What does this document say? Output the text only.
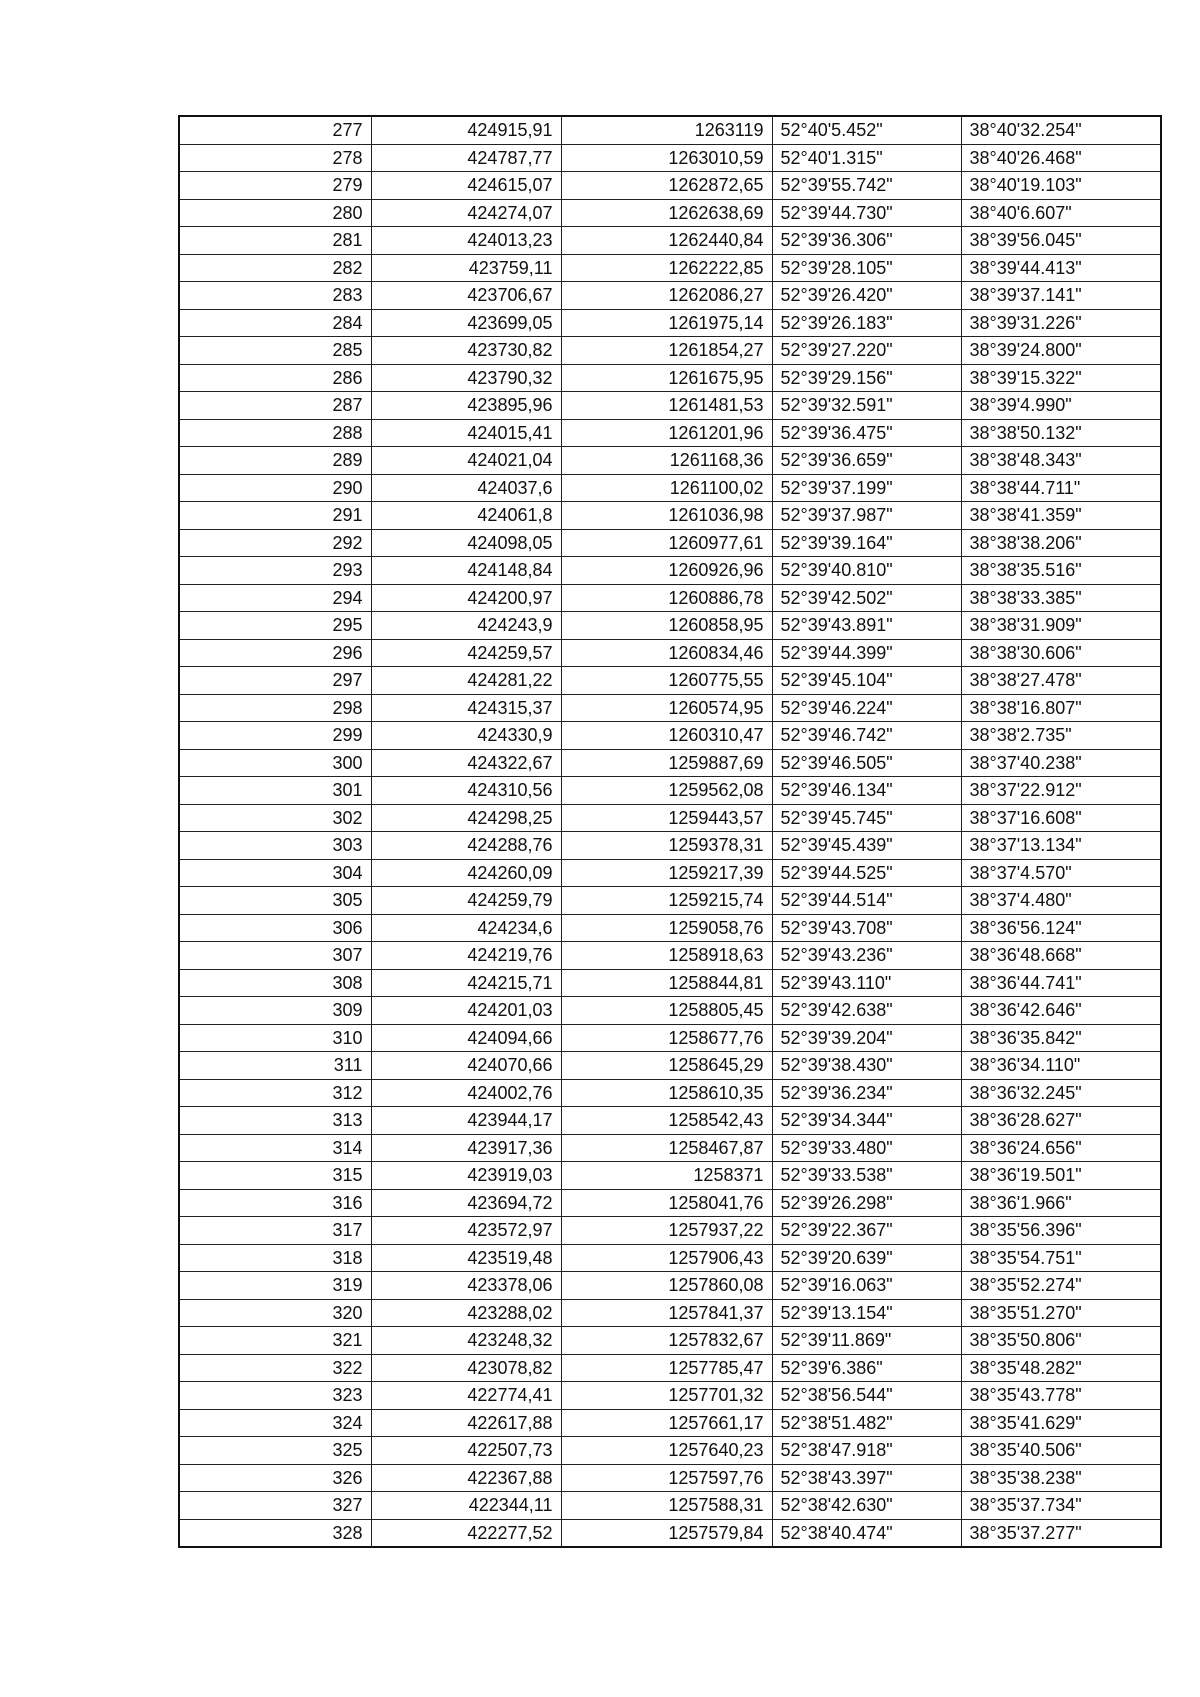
277	424915,91	1263119	52°40'5.452"	38°40'32.254"
278	424787,77	1263010,59	52°40'1.315"	38°40'26.468"
279	424615,07	1262872,65	52°39'55.742"	38°40'19.103"
280	424274,07	1262638,69	52°39'44.730"	38°40'6.607"
281	424013,23	1262440,84	52°39'36.306"	38°39'56.045"
282	423759,11	1262222,85	52°39'28.105"	38°39'44.413"
283	423706,67	1262086,27	52°39'26.420"	38°39'37.141"
284	423699,05	1261975,14	52°39'26.183"	38°39'31.226"
285	423730,82	1261854,27	52°39'27.220"	38°39'24.800"
286	423790,32	1261675,95	52°39'29.156"	38°39'15.322"
287	423895,96	1261481,53	52°39'32.591"	38°39'4.990"
288	424015,41	1261201,96	52°39'36.475"	38°38'50.132"
289	424021,04	1261168,36	52°39'36.659"	38°38'48.343"
290	424037,6	1261100,02	52°39'37.199"	38°38'44.711"
291	424061,8	1261036,98	52°39'37.987"	38°38'41.359"
292	424098,05	1260977,61	52°39'39.164"	38°38'38.206"
293	424148,84	1260926,96	52°39'40.810"	38°38'35.516"
294	424200,97	1260886,78	52°39'42.502"	38°38'33.385"
295	424243,9	1260858,95	52°39'43.891"	38°38'31.909"
296	424259,57	1260834,46	52°39'44.399"	38°38'30.606"
297	424281,22	1260775,55	52°39'45.104"	38°38'27.478"
298	424315,37	1260574,95	52°39'46.224"	38°38'16.807"
299	424330,9	1260310,47	52°39'46.742"	38°38'2.735"
300	424322,67	1259887,69	52°39'46.505"	38°37'40.238"
301	424310,56	1259562,08	52°39'46.134"	38°37'22.912"
302	424298,25	1259443,57	52°39'45.745"	38°37'16.608"
303	424288,76	1259378,31	52°39'45.439"	38°37'13.134"
304	424260,09	1259217,39	52°39'44.525"	38°37'4.570"
305	424259,79	1259215,74	52°39'44.514"	38°37'4.480"
306	424234,6	1259058,76	52°39'43.708"	38°36'56.124"
307	424219,76	1258918,63	52°39'43.236"	38°36'48.668"
308	424215,71	1258844,81	52°39'43.110"	38°36'44.741"
309	424201,03	1258805,45	52°39'42.638"	38°36'42.646"
310	424094,66	1258677,76	52°39'39.204"	38°36'35.842"
311	424070,66	1258645,29	52°39'38.430"	38°36'34.110"
312	424002,76	1258610,35	52°39'36.234"	38°36'32.245"
313	423944,17	1258542,43	52°39'34.344"	38°36'28.627"
314	423917,36	1258467,87	52°39'33.480"	38°36'24.656"
315	423919,03	1258371	52°39'33.538"	38°36'19.501"
316	423694,72	1258041,76	52°39'26.298"	38°36'1.966"
317	423572,97	1257937,22	52°39'22.367"	38°35'56.396"
318	423519,48	1257906,43	52°39'20.639"	38°35'54.751"
319	423378,06	1257860,08	52°39'16.063"	38°35'52.274"
320	423288,02	1257841,37	52°39'13.154"	38°35'51.270"
321	423248,32	1257832,67	52°39'11.869"	38°35'50.806"
322	423078,82	1257785,47	52°39'6.386"	38°35'48.282"
323	422774,41	1257701,32	52°38'56.544"	38°35'43.778"
324	422617,88	1257661,17	52°38'51.482"	38°35'41.629"
325	422507,73	1257640,23	52°38'47.918"	38°35'40.506"
326	422367,88	1257597,76	52°38'43.397"	38°35'38.238"
327	422344,11	1257588,31	52°38'42.630"	38°35'37.734"
328	422277,52	1257579,84	52°38'40.474"	38°35'37.277"
